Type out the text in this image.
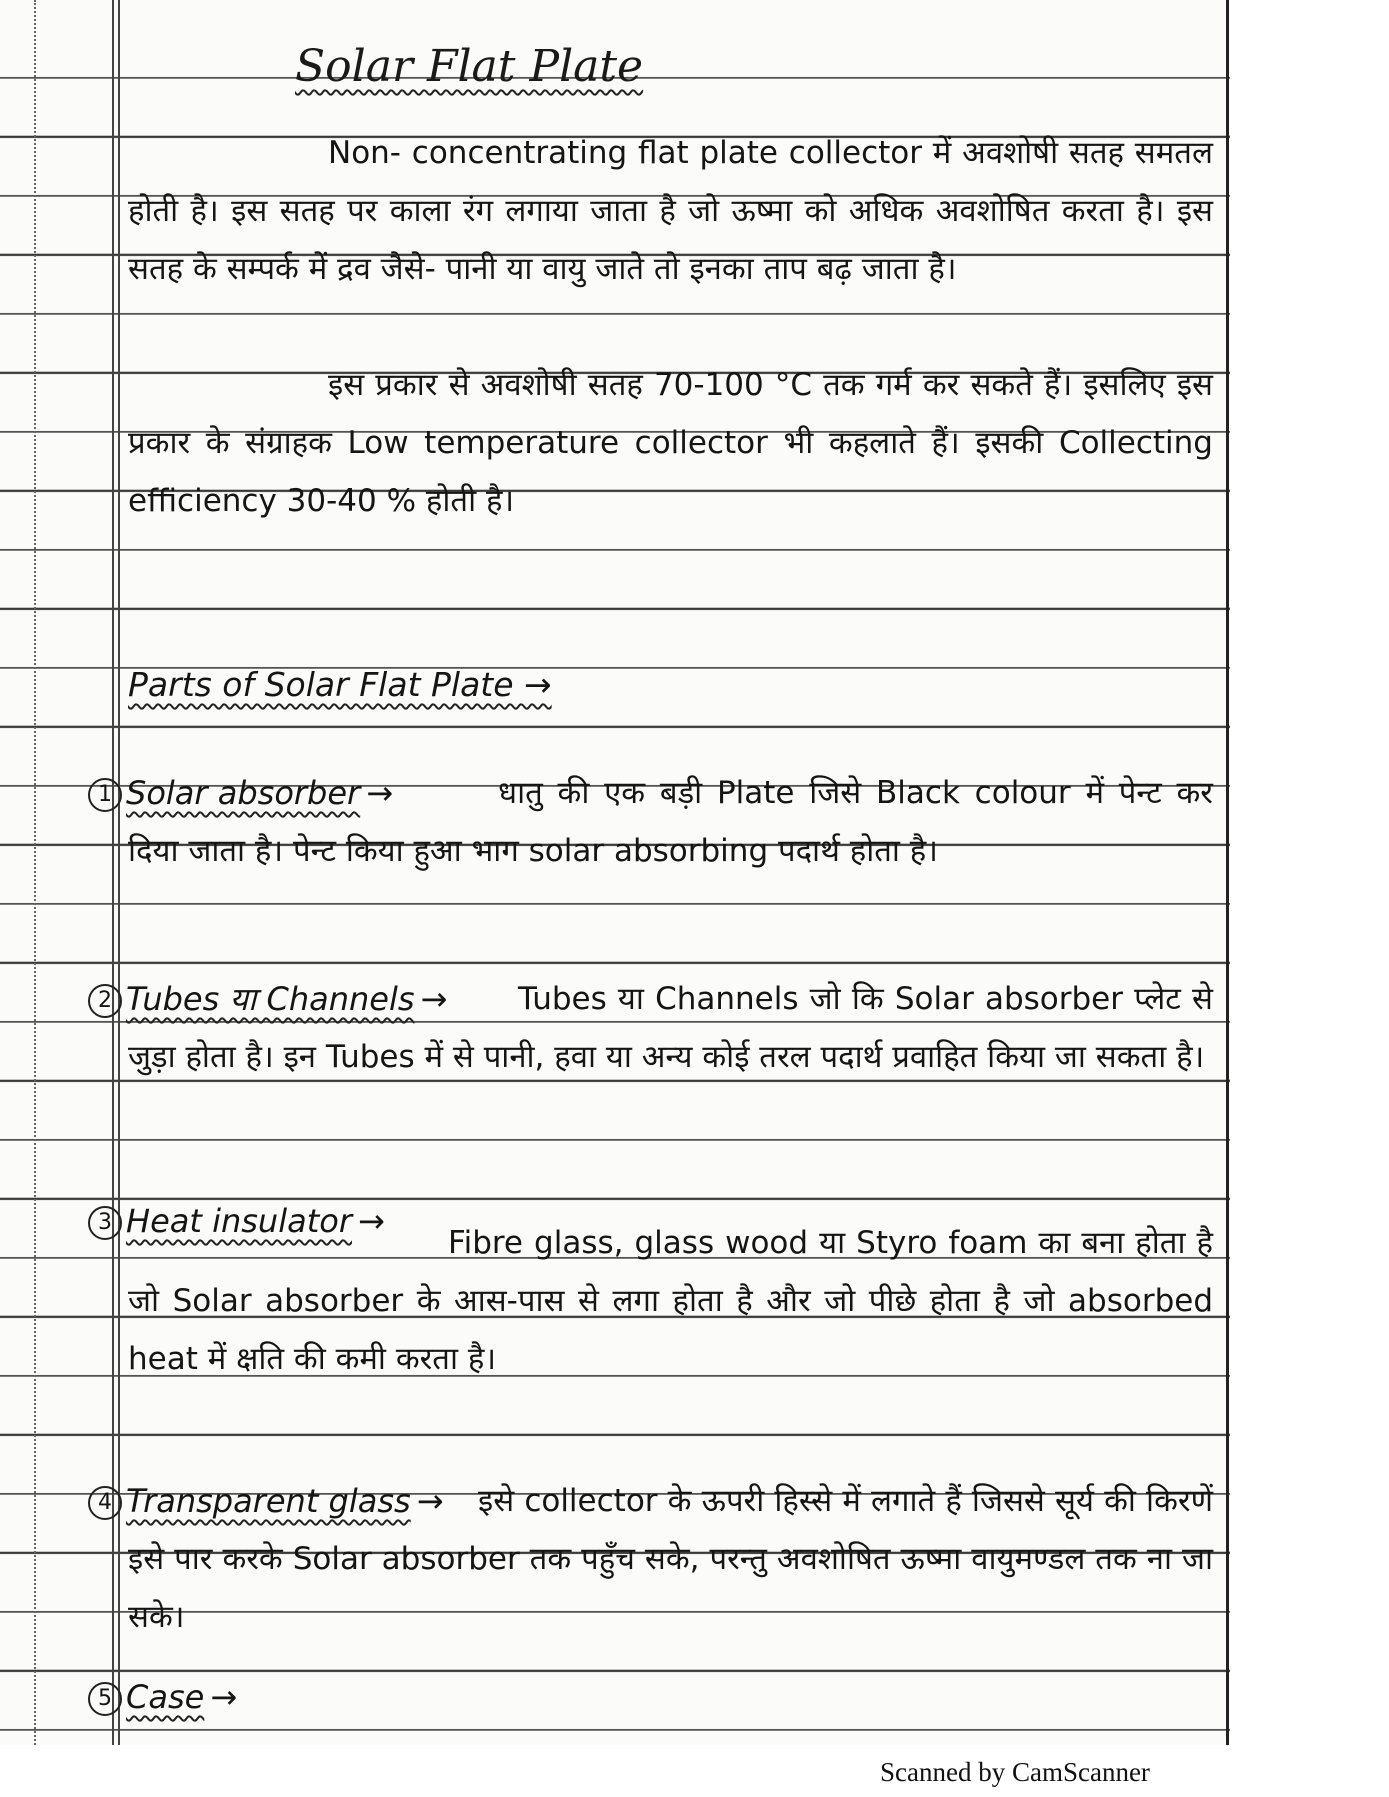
Solar Flat Plate
Non- concentrating flat plate collector में अवशोषी सतह समतल होती है। इस सतह पर काला रंग लगाया जाता है जो ऊष्मा को अधिक अवशोषित करता है। इस सतह के सम्पर्क में द्रव जैसे- पानी या वायु जाते तो इनका ताप बढ़ जाता है।
इस प्रकार से अवशोषी सतह 70-100 °C तक गर्म कर सकते हैं। इसलिए इस प्रकार के संग्राहक Low temperature collector भी कहलाते हैं। इसकी Collecting efficiency 30-40 % होती है।
Parts of Solar Flat Plate →
1 Solar absorber →	धातु की एक बड़ी Plate जिसे Black colour में पेन्ट कर दिया जाता है। पेन्ट किया हुआ भाग solar absorbing पदार्थ होता है।
2 Tubes या Channels →	Tubes या Channels जो कि Solar absorber प्लेट से जुड़ा होता है। इन Tubes में से पानी, हवा या अन्य कोई तरल पदार्थ प्रवाहित किया जा सकता है।
3 Heat insulator →
Fibre glass, glass wood या Styro foam का बना होता है जो Solar absorber के आस-पास से लगा होता है और जो पीछे होता है जो absorbed heat में क्षति की कमी करता है।
4 Transparent glass →	इसे collector के ऊपरी हिस्से में लगाते हैं जिससे सूर्य की किरणें इसे पार करके Solar absorber तक पहुँच सके, परन्तु अवशोषित ऊष्मा वायुमण्डल तक ना जा सके।
5 Case →
Scanned by CamScanner
